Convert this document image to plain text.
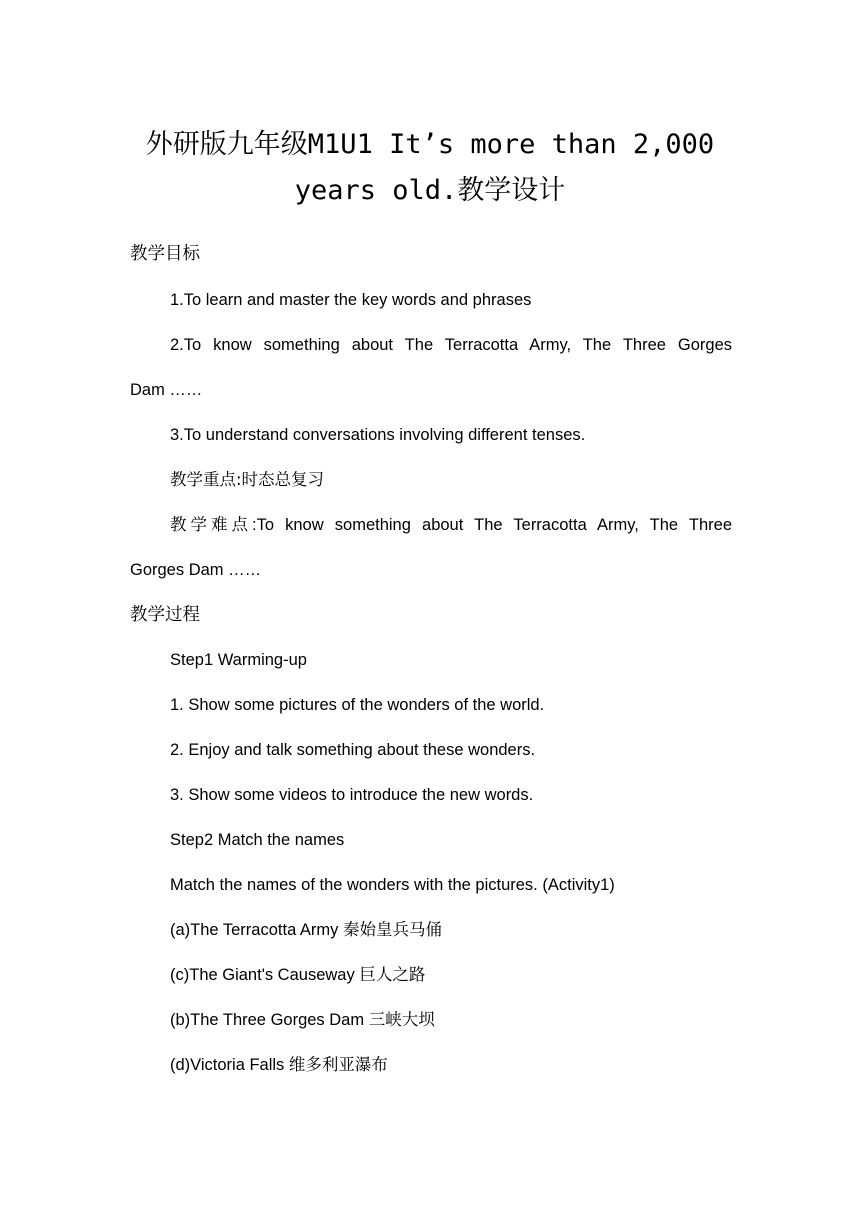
外研版九年级M1U1 It’s more than 2,000
years old.教学设计
教学目标
1.To learn and master the key words and phrases
2.To know something about The Terracotta Army, The Three Gorges
Dam ……
3.To understand conversations involving different tenses.
教学重点:时态总复习
教学难点 :To know something about The Terracotta Army, The Three
Gorges Dam ……
教学过程
Step1 Warming-up
1. Show some pictures of the wonders of the world.
2. Enjoy and talk something about these wonders.
3. Show some videos to introduce the new words.
Step2 Match the names
Match the names of the wonders with the pictures. (Activity1)
(a)The Terracotta Army 秦始皇兵马俑
(c)The Giant's Causeway 巨人之路
(b)The Three Gorges Dam 三峡大坝
(d)Victoria Falls 维多利亚瀑布
